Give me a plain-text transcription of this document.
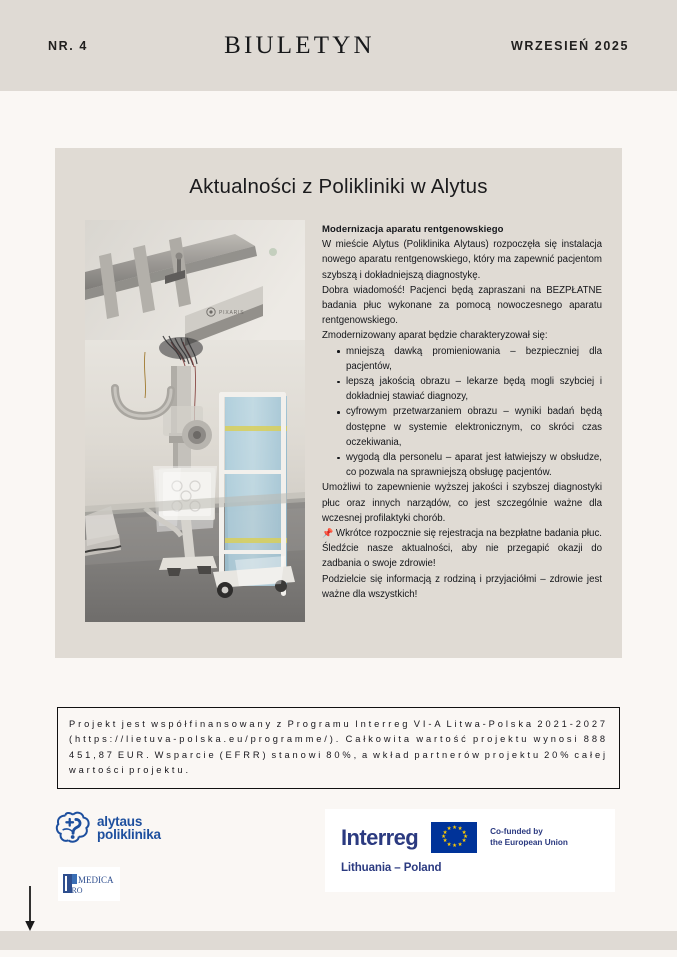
NR. 4	BIULETYN	WRZESIEŃ 2025
Aktualności z Polikliniki w Alytus
PIXARIS

Modernizacja aparatu rentgenowskiego

W mieście Alytus (Poliklinika Alytaus) rozpoczęła się instalacja nowego aparatu rentgenowskiego, który ma zapewnić pacjentom szybszą i dokładniejszą diagnostykę.

Dobra wiadomość! Pacjenci będą zapraszani na BEZPŁATNE badania płuc wykonane za pomocą nowoczesnego aparatu rentgenowskiego.

Zmodernizowany aparat będzie charakteryzował się:

mniejszą dawką promieniowania – bezpieczniej dla pacjentów,
lepszą jakością obrazu – lekarze będą mogli szybciej i dokładniej stawiać diagnozy,
cyfrowym przetwarzaniem obrazu – wyniki badań będą dostępne w systemie elektronicznym, co skróci czas oczekiwania,
wygodą dla personelu – aparat jest łatwiejszy w obsłudze, co pozwala na sprawniejszą obsługę pacjentów.

Umożliwi to zapewnienie wyższej jakości i szybszej diagnostyki płuc oraz innych narządów, co jest szczególnie ważne dla wczesnej profilaktyki chorób.

📌 Wkrótce rozpocznie się rejestracja na bezpłatne badania płuc. Śledźcie nasze aktualności, aby nie przegapić okazji do zadbania o swoje zdrowie!

Podzielcie się informacją z rodziną i przyjaciółmi – zdrowie jest ważne dla wszystkich!

Projekt jest współfinansowany z Programu Interreg VI-A Litwa-Polska 2021-2027 (https://lietuva-polska.eu/programme/). Całkowita wartość projektu wynosi 888451,87 EUR. Wsparcie (EFRR) stanowi 80%, a wkład partnerów projektu 20% całej wartości projektu.

alytaus
poliklinika
MEDICA
PRO
Interreg	★ ★
★
★
★
★
★
★
★
★
★
★	Co-funded by
the European Union
Lithuania – Poland
